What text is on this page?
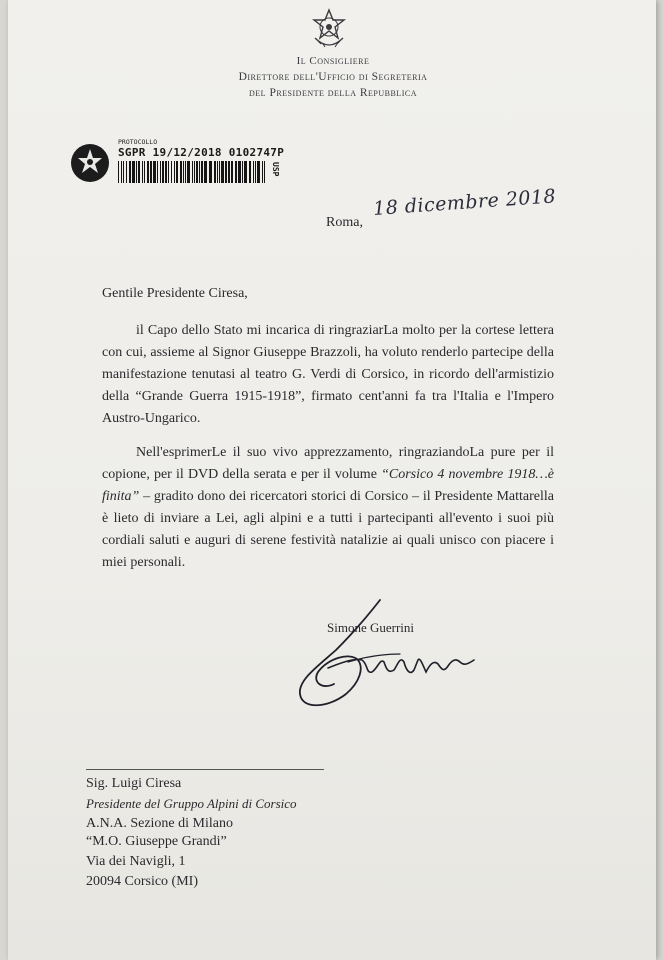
Il Consigliere
Direttore dell'Ufficio di Segreteria
del Presidente della Repubblica
PROTOCOLLO
SGPR 19/12/2018 0102747P
USP
Roma,
18 dicembre 2018
Gentile Presidente Ciresa,

il Capo dello Stato mi incarica di ringraziarLa molto per la cortese lettera con cui, assieme al Signor Giuseppe Brazzoli, ha voluto renderlo partecipe della manifestazione tenutasi al teatro G. Verdi di Corsico, in ricordo dell'armistizio della “Grande Guerra 1915-1918”, firmato cent'anni fa tra l'Italia e l'Impero Austro-Ungarico.

Nell'esprimerLe il suo vivo apprezzamento, ringraziandoLa pure per il copione, per il DVD della serata e per il volume “Corsico 4 novembre 1918…è finita” – gradito dono dei ricercatori storici di Corsico – il Presidente Mattarella è lieto di inviare a Lei, agli alpini e a tutti i partecipanti all'evento i suoi più cordiali saluti e auguri di serene festività natalizie ai quali unisco con piacere i miei personali.

Simone Guerrini
Sig. Luigi Ciresa
Presidente del Gruppo Alpini di Corsico
A.N.A. Sezione di Milano
“M.O. Giuseppe Grandi”
Via dei Navigli, 1
20094 Corsico (MI)
